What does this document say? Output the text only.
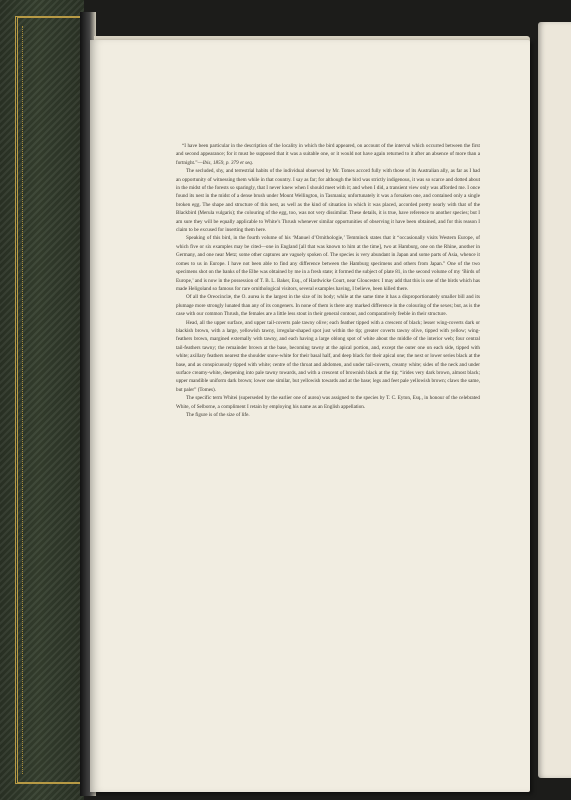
“I have been particular in the description of the locality in which the bird appeared, on account of the interval which occurred between the first and second appearance; for it must be supposed that it was a suitable one, or it would not have again returned to it after an absence of more than a fortnight.”—Ibis, 1859, p. 379 et seq.

The secluded, shy, and terrestrial habits of the individual observed by Mr. Tomes accord fully with those of its Australian ally, as far as I had an opportunity of witnessing them while in that country. I say as far; for although the bird was strictly indigenous, it was so scarce and dotted about in the midst of the forests so sparingly, that I never knew when I should meet with it; and when I did, a transient view only was afforded me. I once found its nest in the midst of a dense brush under Mount Wellington, in Tasmania; unfortunately it was a forsaken one, and contained only a single broken egg. The shape and structure of this nest, as well as the kind of situation in which it was placed, accorded pretty nearly with that of the Blackbird (Merula vulgaris); the colouring of the egg, too, was not very dissimilar. These details, it is true, have reference to another species; but I am sure they will be equally applicable to White’s Thrush whenever similar opportunities of observing it have been obtained, and for this reason I claim to be excused for inserting them here.

Speaking of this bird, in the fourth volume of his ‘Manuel d’Ornithologie,’ Temminck states that it “occasionally visits Western Europe, of which five or six examples may be cited—one in England [all that was known to him at the time], two at Hamburg, one on the Rhine, another in Germany, and one near Metz; some other captures are vaguely spoken of. The species is very abundant in Japan and some parts of Asia, whence it comes to us in Europe. I have not been able to find any difference between the Hamburg specimens and others from Japan.” One of the two specimens shot on the banks of the Elbe was obtained by me in a fresh state; it formed the subject of plate 81, in the second volume of my ‘Birds of Europe,’ and is now in the possession of T. B. L. Baker, Esq., of Hardwicke Court, near Gloucester. I may add that this is one of the birds which has made Heligoland so famous for rare ornithological visitors, several examples having, I believe, been killed there.

Of all the Oreocinclæ, the O. aurea is the largest in the size of its body; while at the same time it has a disproportionately smaller bill and its plumage more strongly lunated than any of its congeners. In none of them is there any marked difference in the colouring of the sexes; but, as is the case with our common Thrush, the females are a little less stout in their general contour, and comparatively feeble in their structure.

Head, all the upper surface, and upper tail-coverts pale tawny olive; each feather tipped with a crescent of black; lesser wing-coverts dark or blackish brown, with a large, yellowish tawny, irregular-shaped spot just within the tip; greater coverts tawny olive, tipped with yellow; wing-feathers brown, margined externally with tawny, and each having a large oblong spot of white about the middle of the interior web; four central tail-feathers tawny; the remainder brown at the base, becoming tawny at the apical portion, and, except the outer one on each side, tipped with white; axillary feathers nearest the shoulder snow-white for their basal half, and deep black for their apical one; the next or lower series black at the base, and as conspicuously tipped with white; centre of the throat and abdomen, and under tail-coverts, creamy white; sides of the neck and under surface creamy-white, deepening into pale tawny towards, and with a crescent of brownish black at the tip; “irides very dark brown, almost black; upper mandible uniform dark brown; lower one similar, but yellowish towards and at the base; legs and feet pale yellowish brown; claws the same, but paler” (Tomes).

The specific term Whitei (superseded by the earlier one of aurea) was assigned to the species by T. C. Eyton, Esq., in honour of the celebrated White, of Selborne, a compliment I retain by employing his name as an English appellation.

The figure is of the size of life.
